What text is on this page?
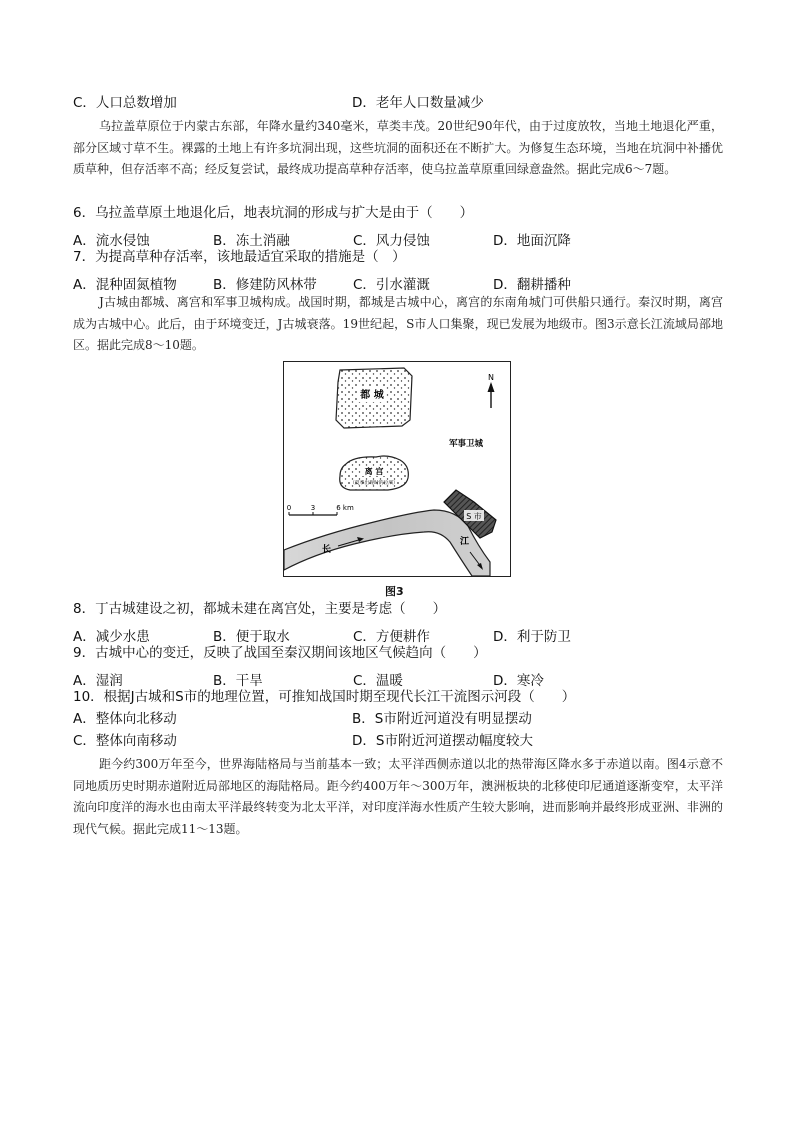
C．人口总数增加	D．老年人口数量减少
乌拉盖草原位于内蒙古东部，年降水量约340毫米，草类丰茂。20世纪90年代，由于过度放牧，当地土地退化严重，部分区域寸草不生。裸露的土地上有许多坑洞出现，这些坑洞的面积还在不断扩大。为修复生态环境，当地在坑洞中补播优质草种，但存活率不高；经反复尝试，最终成功提高草种存活率，使乌拉盖草原重回绿意盎然。据此完成6～7题。
6．乌拉盖草原土地退化后，地表坑洞的形成与扩大是由于（　　）
A．流水侵蚀	B．冻土消融	C．风力侵蚀	D．地面沉降
7．为提高草种存活率，该地最适宜采取的措施是（　）
A．混种固氮植物	B．修建防风林带	C．引水灌溉	D．翻耕播种
J古城由都城、离宫和军事卫城构成。战国时期，都城是古城中心，离宫的东南角城门可供船只通行。秦汉时期，离宫成为古城中心。此后，由于环境变迁，J古城衰落。19世纪起，S市人口集聚，现已发展为地级市。图3示意长江流域局部地区。据此完成8～10题。
都 城
N
军事卫城
离 宫
（夏季出现时的位所）
0	3	6 km
长
江
S 市
图3
8．丁古城建设之初，都城未建在离宫处，主要是考虑（　　）
A．减少水患	B．便于取水	C．方便耕作	D．利于防卫
9．古城中心的变迁，反映了战国至秦汉期间该地区气候趋向（　　）
A．湿润	B．干旱	C．温暖	D．寒冷
10．根据J古城和S市的地理位置，可推知战国时期至现代长江干流图示河段（　　）
A．整体向北移动	B．S市附近河道没有明显摆动
C．整体向南移动	D．S市附近河道摆动幅度较大
距今约300万年至今，世界海陆格局与当前基本一致；太平洋西侧赤道以北的热带海区降水多于赤道以南。图4示意不同地质历史时期赤道附近局部地区的海陆格局。距今约400万年～300万年，澳洲板块的北移使印尼通道逐渐变窄，太平洋流向印度洋的海水也由南太平洋最终转变为北太平洋，对印度洋海水性质产生较大影响，进而影响并最终形成亚洲、非洲的现代气候。据此完成11～13题。
